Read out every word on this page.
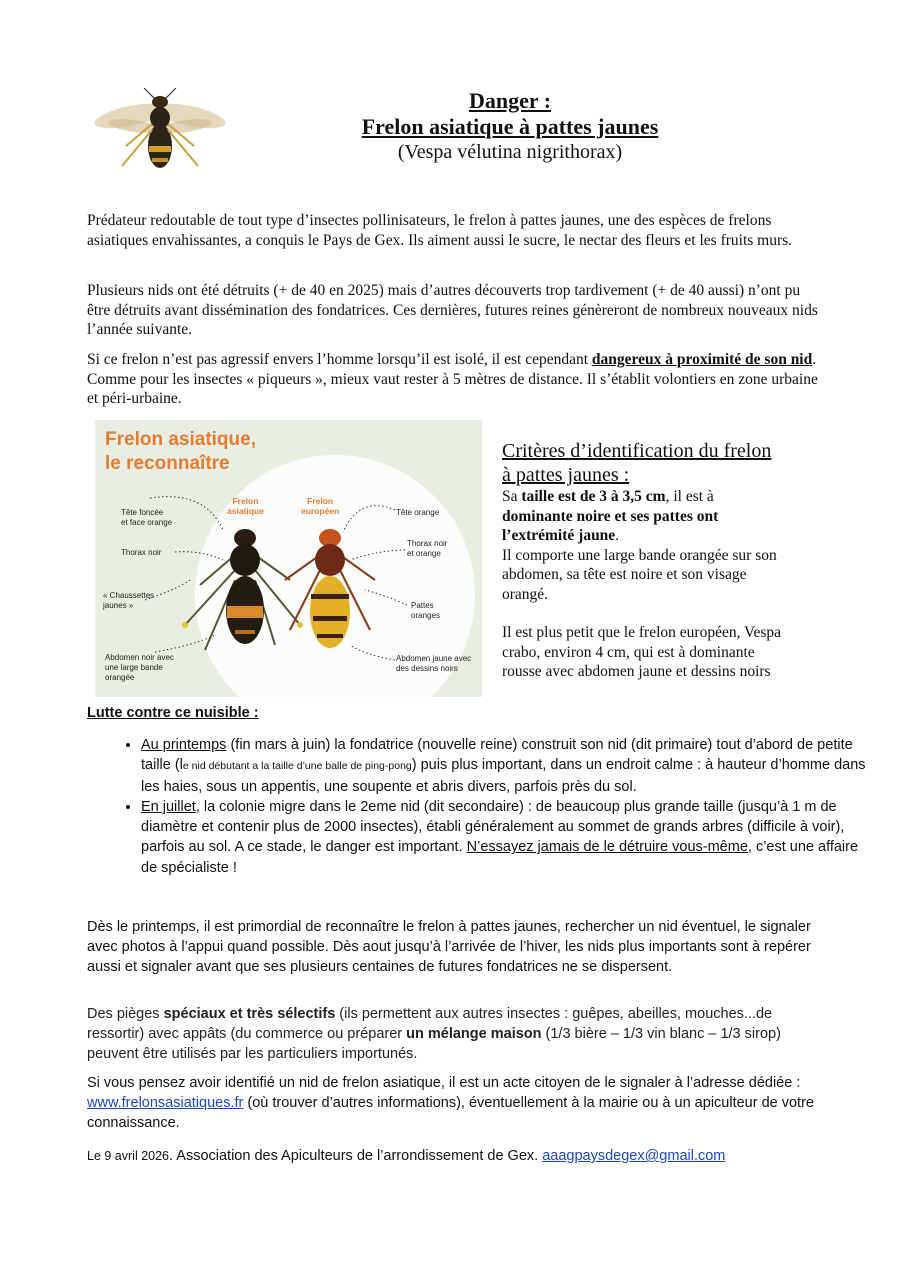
Danger :

Frelon asiatique à pattes jaunes

(Vespa vélutina nigrithorax)

Prédateur redoutable de tout type d’insectes pollinisateurs, le frelon à pattes jaunes, une des espèces de frelons asiatiques envahissantes, a conquis le Pays de Gex. Ils aiment aussi le sucre, le nectar des fleurs et les fruits murs.

Plusieurs nids ont été détruits (+ de 40 en 2025) mais d’autres découverts trop tardivement (+ de 40 aussi) n’ont pu être détruits avant dissémination des fondatrices. Ces dernières, futures reines génèreront de nombreux nouveaux nids l’année suivante.

Si ce frelon n’est pas agressif envers l’homme lorsqu’il est isolé, il est cependant dangereux à proximité de son nid. Comme pour les insectes « piqueurs », mieux vaut rester à 5 mètres de distance. Il s’établit volontiers en zone urbaine et péri-urbaine.

Frelon asiatique,
le reconnaître
Frelon
asiatique
Frelon
européen
Tête foncée
et face orange
Thorax noir
« Chaussettes
jaunes »
Abdomen noir avec
une large bande
orangée
Tête orange
Thorax noir
et orange
Pattes
oranges
Abdomen jaune avec
des dessins noirs
Critères d’identification du frelon à pattes jaunes :
Sa taille est de 3 à 3,5 cm, il est à dominante noire et ses pattes ont l’extrémité jaune.
Il comporte une large bande orangée sur son abdomen, sa tête est noire et son visage orangé.
Il est plus petit que le frelon européen, Vespa crabo, environ 4 cm, qui est à dominante rousse avec abdomen jaune et dessins noirs
Lutte contre ce nuisible :
• Au printemps (fin mars à juin) la fondatrice (nouvelle reine) construit son nid (dit primaire) tout d’abord de petite taille (le nid débutant a la taille d’une balle de ping-pong) puis plus important, dans un endroit calme : à hauteur d’homme dans les haies, sous un appentis, une soupente et abris divers, parfois près du sol.
• En juillet, la colonie migre dans le 2eme nid (dit secondaire) : de beaucoup plus grande taille (jusqu’à 1 m de diamètre et contenir plus de 2000 insectes), établi généralement au sommet de grands arbres (difficile à voir), parfois au sol. A ce stade, le danger est important. N’essayez jamais de le détruire vous-même, c’est une affaire de spécialiste !

Dès le printemps, il est primordial de reconnaître le frelon à pattes jaunes, rechercher un nid éventuel, le signaler avec photos à l’appui quand possible. Dès aout jusqu’à l’arrivée de l’hiver, les nids plus importants sont à repérer aussi et signaler avant que ses plusieurs centaines de futures fondatrices ne se dispersent.

Des pièges spéciaux et très sélectifs (ils permettent aux autres insectes : guêpes, abeilles, mouches...de ressortir) avec appâts (du commerce ou préparer un mélange maison (1/3 bière – 1/3 vin blanc – 1/3 sirop) peuvent être utilisés par les particuliers importunés.

Si vous pensez avoir identifié un nid de frelon asiatique, il est un acte citoyen de le signaler à l’adresse dédiée : www.frelonsasiatiques.fr (où trouver d’autres informations), éventuellement à la mairie ou à un apiculteur de votre connaissance.

Le 9 avril 2026. Association des Apiculteurs de l’arrondissement de Gex. aaagpaysdegex@gmail.com
